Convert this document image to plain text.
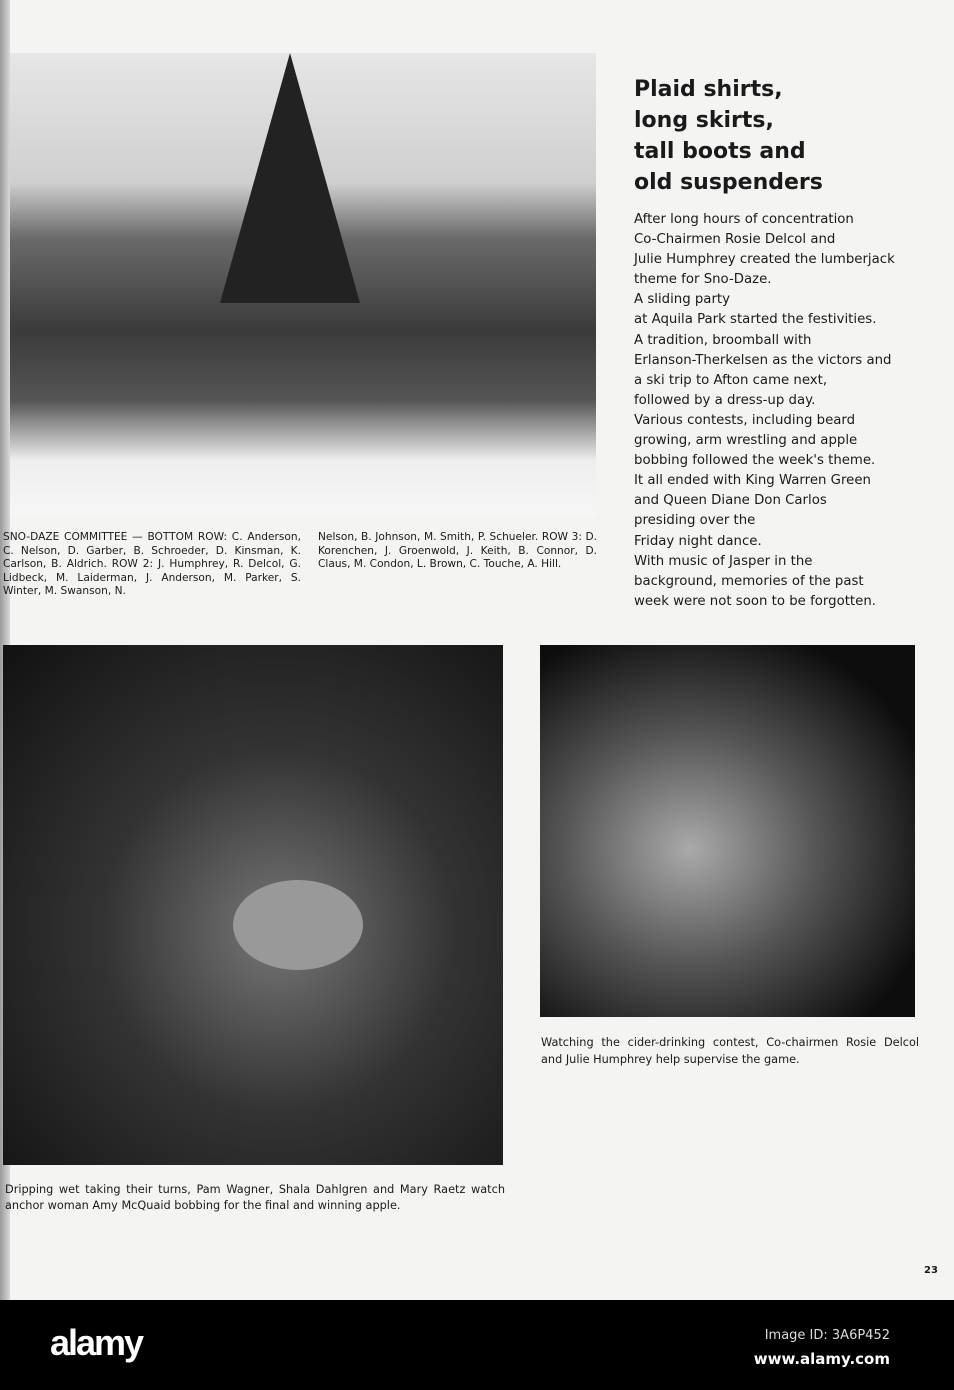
Plaid shirts,
long skirts,
tall boots and
old suspenders
After long hours of concentration
Co-Chairmen Rosie Delcol and
Julie Humphrey created the lumberjack
theme for Sno-Daze.
A sliding party
at Aquila Park started the festivities.
A tradition, broomball with
Erlanson-Therkelsen as the victors and
a ski trip to Afton came next,
followed by a dress-up day.
Various contests, including beard
growing, arm wrestling and apple
bobbing followed the week's theme.
It all ended with King Warren Green
and Queen Diane Don Carlos
presiding over the
Friday night dance.
With music of Jasper in the
background, memories of the past
week were not soon to be forgotten.
SNO-DAZE COMMITTEE — BOTTOM ROW: C. Anderson, C. Nelson, D. Garber, B. Schroeder, D. Kinsman, K. Carlson, B. Aldrich. ROW 2: J. Humphrey, R. Delcol, G. Lidbeck, M. Laiderman, J. Anderson, M. Parker, S. Winter, M. Swanson, N.
Nelson, B. Johnson, M. Smith, P. Schueler. ROW 3: D. Korenchen, J. Groenwold, J. Keith, B. Connor, D. Claus, M. Condon, L. Brown, C. Touche, A. Hill.
Dripping wet taking their turns, Pam Wagner, Shala Dahlgren and Mary Raetz watch anchor woman Amy McQuaid bobbing for the final and winning apple.
Watching the cider-drinking contest, Co-chairmen Rosie Delcol and Julie Humphrey help supervise the game.
23
alamy	Image ID: 3A6P452
www.alamy.com
